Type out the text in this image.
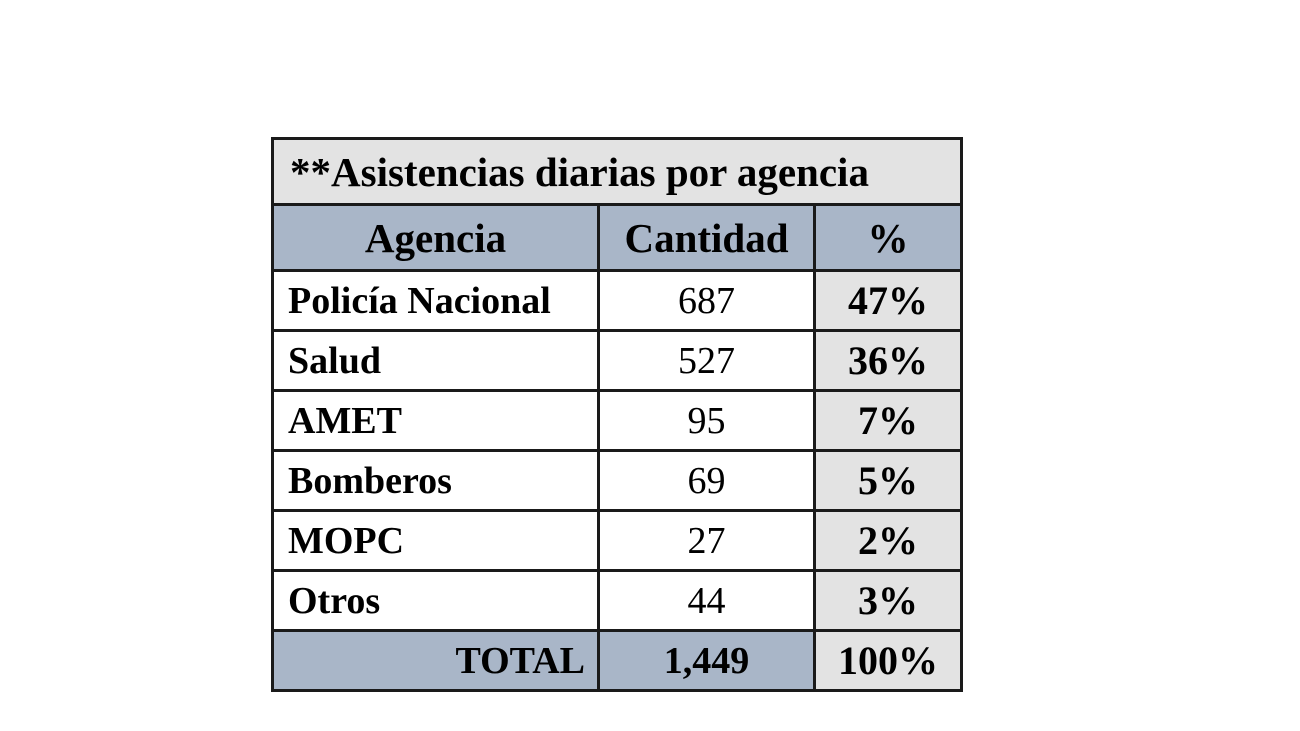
**Asistencias diarias por agencia		
Agencia	Cantidad	%
Policía Nacional	687	47%
Salud	527	36%
AMET	95	7%
Bomberos	69	5%
MOPC	27	2%
Otros	44	3%
TOTAL	1,449	100%
